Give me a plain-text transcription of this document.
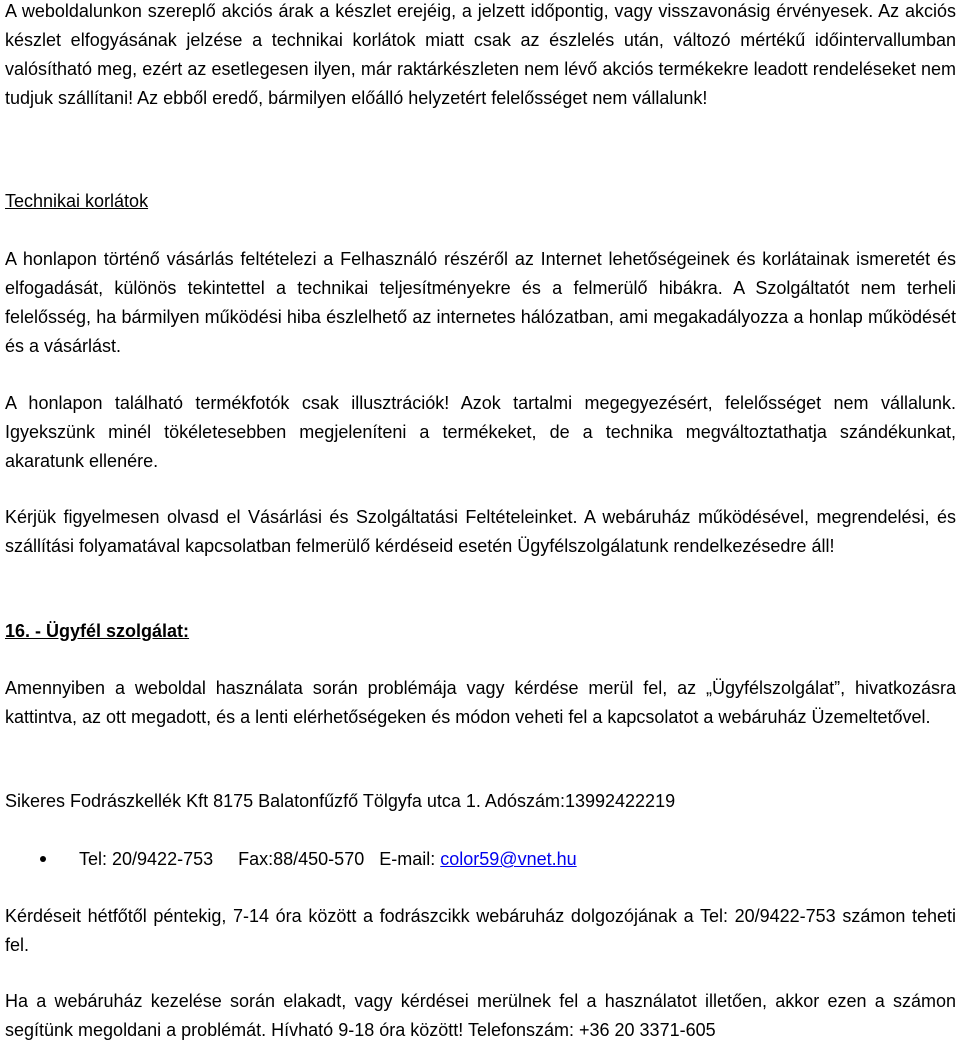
A weboldalunkon szereplő akciós árak a készlet erejéig, a jelzett időpontig, vagy visszavonásig érvényesek. Az akciós készlet elfogyásának jelzése a technikai korlátok miatt csak az észlelés után, változó mértékű időintervallumban valósítható meg, ezért az esetlegesen ilyen, már raktárkészleten nem lévő akciós termékekre leadott rendeléseket nem tudjuk szállítani! Az ebből eredő, bármilyen előálló helyzetért felelősséget nem vállalunk!

Technikai korlátok

A honlapon történő vásárlás feltételezi a Felhasználó részéről az Internet lehetőségeinek és korlátainak ismeretét és elfogadását, különös tekintettel a technikai teljesítményekre és a felmerülő hibákra. A Szolgáltatót nem terheli felelősség, ha bármilyen működési hiba észlelhető az internetes hálózatban, ami megakadályozza a honlap működését és a vásárlást.

A honlapon található termékfotók csak illusztrációk! Azok tartalmi megegyezésért, felelősséget nem vállalunk. Igyekszünk minél tökéletesebben megjeleníteni a termékeket, de a technika megváltoztathatja szándékunkat, akaratunk ellenére.

Kérjük figyelmesen olvasd el Vásárlási és Szolgáltatási Feltételeinket. A webáruház működésével, megrendelési, és szállítási folyamatával kapcsolatban felmerülő kérdéseid esetén Ügyfélszolgálatunk rendelkezésedre áll!

16. - Ügyfél szolgálat:

Amennyiben a weboldal használata során problémája vagy kérdése merül fel, az „Ügyfélszolgálat”, hivatkozásra kattintva, az ott megadott, és a lenti elérhetőségeken és módon veheti fel a kapcsolatot a webáruház Üzemeltetővel.

Sikeres Fodrászkellék Kft 8175 Balatonfűzfő Tölgyfa utca 1. Adószám:13992422219

Tel: 20/9422-753 Fax:88/450-570 E-mail: color59@vnet.hu

Kérdéseit hétfőtől péntekig, 7-14 óra között a fodrászcikk webáruház dolgozójának a Tel: 20/9422-753 számon teheti fel.

Ha a webáruház kezelése során elakadt, vagy kérdései merülnek fel a használatot illetően, akkor ezen a számon segítünk megoldani a problémát. Hívható 9-18 óra között! Telefonszám: +36 20 3371-605
